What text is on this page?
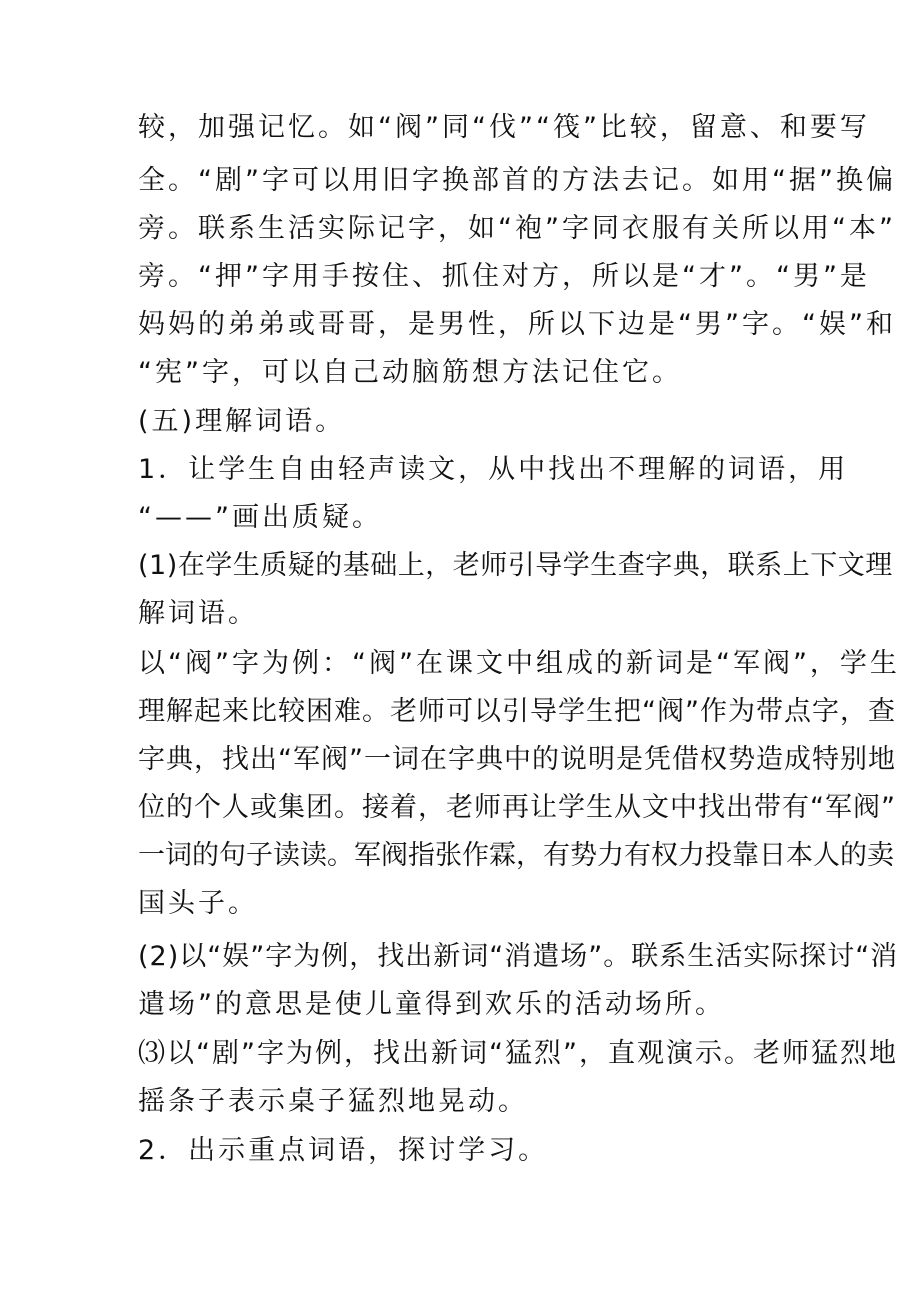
较，加强记忆。如“阀”同“伐”“筏”比较，留意、和要写

全。“剧”字可以用旧字换部首的方法去记。如用“据”换偏

旁。联系生活实际记字，如“袍”字同衣服有关所以用“本”

旁。“押”字用手按住、抓住对方，所以是“才”。“男”是

妈妈的弟弟或哥哥，是男性，所以下边是“男”字。“娱”和

“宪”字，可以自己动脑筋想方法记住它。

(五)理解词语。

1．让学生自由轻声读文，从中找出不理解的词语，用

“——”画出质疑。

(1)在学生质疑的基础上，老师引导学生查字典，联系上下文理

解词语。

以“阀”字为例：“阀”在课文中组成的新词是“军阀”，学生

理解起来比较困难。老师可以引导学生把“阀”作为带点字，查

字典，找出“军阀”一词在字典中的说明是凭借权势造成特别地

位的个人或集团。接着，老师再让学生从文中找出带有“军阀”

一词的句子读读。军阀指张作霖，有势力有权力投靠日本人的卖

国头子。

(2)以“娱”字为例，找出新词“消遣场”。联系生活实际探讨“消

遣场”的意思是使儿童得到欢乐的活动场所。

⑶以“剧”字为例，找出新词“猛烈”，直观演示。老师猛烈地

摇条子表示桌子猛烈地晃动。

2．出示重点词语，探讨学习。
